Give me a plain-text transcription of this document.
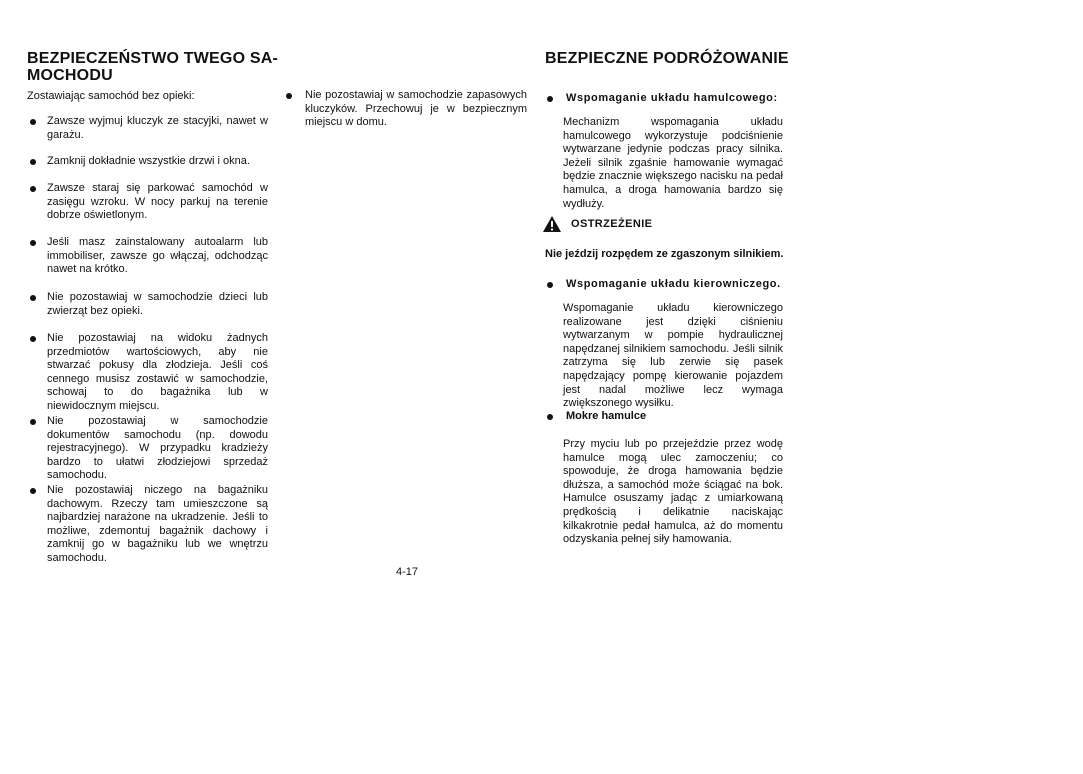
BEZPIECZEŃSTWO TWEGO SA-
MOCHODU
Zostawiając samochód bez opieki:
Zawsze wyjmuj kluczyk ze stacyjki, nawet w garażu.
Zamknij dokładnie wszystkie drzwi i okna.
Zawsze staraj się parkować samochód w zasięgu wzroku. W nocy parkuj na terenie dobrze oświetlonym.
Jeśli masz zainstalowany autoalarm lub immobiliser, zawsze go włączaj, odchodząc nawet na krótko.
Nie pozostawiaj w samochodzie dzieci lub zwierząt bez opieki.
Nie pozostawiaj na widoku żadnych przedmiotów wartościowych, aby nie stwarzać pokusy dla złodzieja. Jeśli coś cennego musisz zostawić w samochodzie, schowaj to do bagażnika lub w niewidocznym miejscu.
Nie pozostawiaj w samochodzie dokumentów samochodu (np. dowodu rejestracyjnego). W przypadku kradzieży bardzo to ułatwi złodziejowi sprzedaż samochodu.
Nie pozostawiaj niczego na bagażniku dachowym. Rzeczy tam umieszczone są najbardziej narażone na ukradzenie. Jeśli to możliwe, zdemontuj bagażnik dachowy i zamknij go w bagażniku lub we wnętrzu samochodu.
Nie pozostawiaj w samochodzie zapasowych kluczyków. Przechowuj je w bezpiecznym miejscu w domu.
4-17
BEZPIECZNE PODRÓŻOWANIE
Wspomaganie układu hamulcowego:
Mechanizm wspomagania układu hamulcowego wykorzystuje podciśnienie wytwarzane jedynie podczas pracy silnika. Jeżeli silnik zgaśnie hamowanie wymagać będzie znacznie większego nacisku na pedał hamulca, a droga hamowania bardzo się wydłuży.
OSTRZEŻENIE
Nie jeździj rozpędem ze zgaszonym silnikiem.
Wspomaganie układu kierowniczego.
Wspomaganie układu kierowniczego realizowane jest dzięki ciśnieniu wytwarzanym w pompie hydraulicznej napędzanej silnikiem samochodu. Jeśli silnik zatrzyma się lub zerwie się pasek napędzający pompę kierowanie pojazdem jest nadal możliwe lecz wymaga zwiększonego wysiłku.
Mokre hamulce
Przy myciu lub po przejeździe przez wodę hamulce mogą ulec zamoczeniu; co spowoduje, że droga hamowania będzie dłuższa, a samochód może ściągać na bok. Hamulce osuszamy jadąc z umiarkowaną prędkością i delikatnie naciskając kilkakrotnie pedał hamulca, aż do momentu odzyskania pełnej siły hamowania.
